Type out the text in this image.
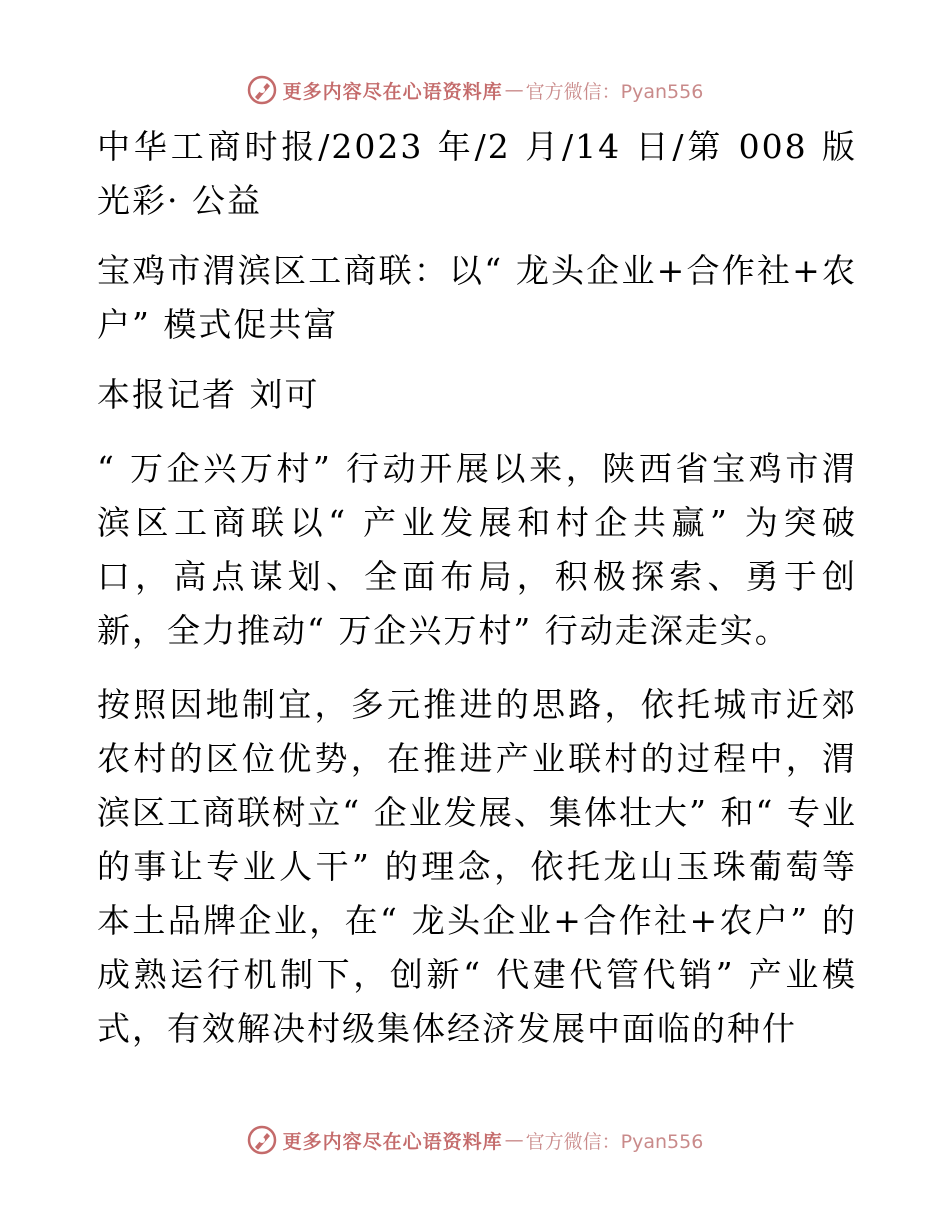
更多内容尽在心语资料库 — 官方微信：Pyan556

中华工商时报/2023 年/2 月/14 日/第 008 版光彩· 公益

宝鸡市渭滨区工商联：以“ 龙头企业+合作社+农户” 模式促共富

本报记者 刘可

“ 万企兴万村” 行动开展以来，陕西省宝鸡市渭滨区工商联以“ 产业发展和村企共赢” 为突破口，高点谋划、全面布局，积极探索、勇于创新，全力推动“ 万企兴万村” 行动走深走实。

按照因地制宜，多元推进的思路，依托城市近郊农村的区位优势，在推进产业联村的过程中，渭滨区工商联树立“ 企业发展、集体壮大” 和“ 专业的事让专业人干” 的理念，依托龙山玉珠葡萄等本土品牌企业，在“ 龙头企业+合作社+农户” 的成熟运行机制下，创新“ 代建代管代销” 产业模式，有效解决村级集体经济发展中面临的种什

更多内容尽在心语资料库 — 官方微信：Pyan556
